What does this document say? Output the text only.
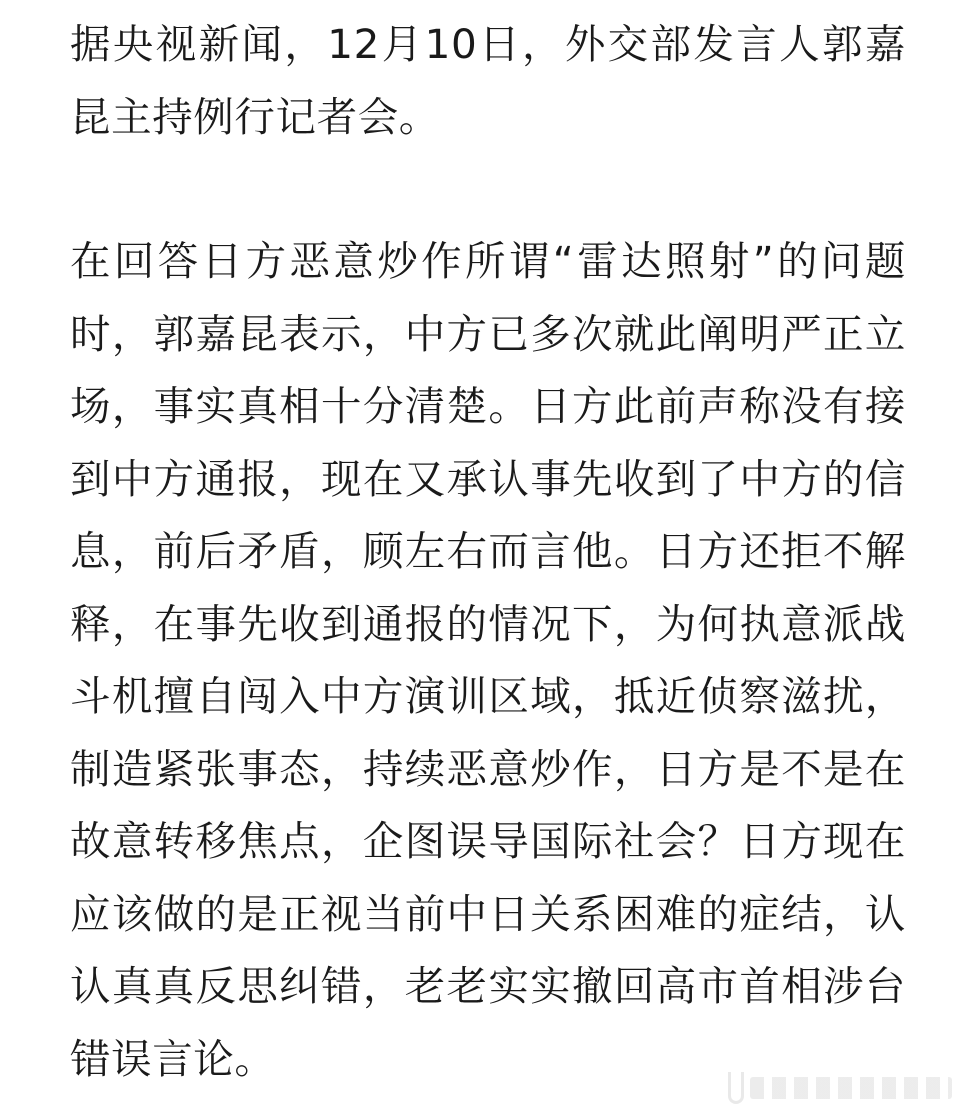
据央视新闻，12月10日，外交部发言人郭嘉昆主持例行记者会。

在回答日方恶意炒作所谓“雷达照射”的问题时，郭嘉昆表示，中方已多次就此阐明严正立场，事实真相十分清楚。日方此前声称没有接到中方通报，现在又承认事先收到了中方的信息，前后矛盾，顾左右而言他。日方还拒不解释，在事先收到通报的情况下，为何执意派战斗机擅自闯入中方演训区域，抵近侦察滋扰，制造紧张事态，持续恶意炒作，日方是不是在故意转移焦点，企图误导国际社会？日方现在应该做的是正视当前中日关系困难的症结，认认真真反思纠错，老老实实撤回高市首相涉台错误言论。
